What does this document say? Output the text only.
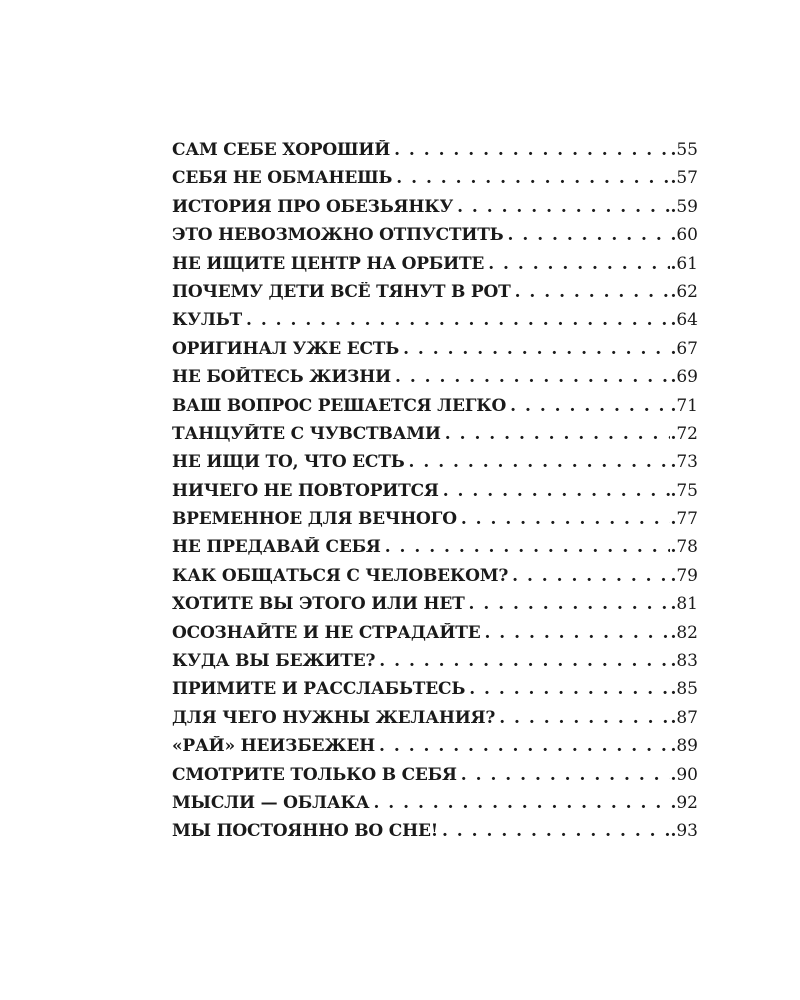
САМ СЕБЕ ХОРОШИЙ . . .	. 55
СЕБЯ НЕ ОБМАНЕШЬ . . .	. 57
ИСТОРИЯ ПРО ОБЕЗЬЯНКУ . . .	. 59
ЭТО НЕВОЗМОЖНО ОТПУСТИТЬ . . .	. 60
НЕ ИЩИТЕ ЦЕНТР НА ОРБИТЕ . . .	. 61
ПОЧЕМУ ДЕТИ ВСЁ ТЯНУТ В РОТ . . .	. 62
КУЛЬТ . . .	. 64
ОРИГИНАЛ УЖЕ ЕСТЬ . . .	. 67
НЕ БОЙТЕСЬ ЖИЗНИ . . .	. 69
ВАШ ВОПРОС РЕШАЕТСЯ ЛЕГКО . . .	. 71
ТАНЦУЙТЕ С ЧУВСТВАМИ . . .	. 72
НЕ ИЩИ ТО, ЧТО ЕСТЬ . . .	. 73
НИЧЕГО НЕ ПОВТОРИТСЯ . . .	. 75
ВРЕМЕННОЕ ДЛЯ ВЕЧНОГО . . .	. 77
НЕ ПРЕДАВАЙ СЕБЯ . . .	. 78
КАК ОБЩАТЬСЯ С ЧЕЛОВЕКОМ? . . .	. 79
ХОТИТЕ ВЫ ЭТОГО ИЛИ НЕТ . . .	. 81
ОСОЗНАЙТЕ И НЕ СТРАДАЙТЕ . . .	. 82
КУДА ВЫ БЕЖИТЕ? . . .	. 83
ПРИМИТЕ И РАССЛАБЬТЕСЬ . . .	. 85
ДЛЯ ЧЕГО НУЖНЫ ЖЕЛАНИЯ? . . .	. 87
«РАЙ» НЕИЗБЕЖЕН . . .	. 89
СМОТРИТЕ ТОЛЬКО В СЕБЯ . . .	. 90
МЫСЛИ — ОБЛАКА . . .	. 92
МЫ ПОСТОЯННО ВО СНЕ! . . .	. 93
